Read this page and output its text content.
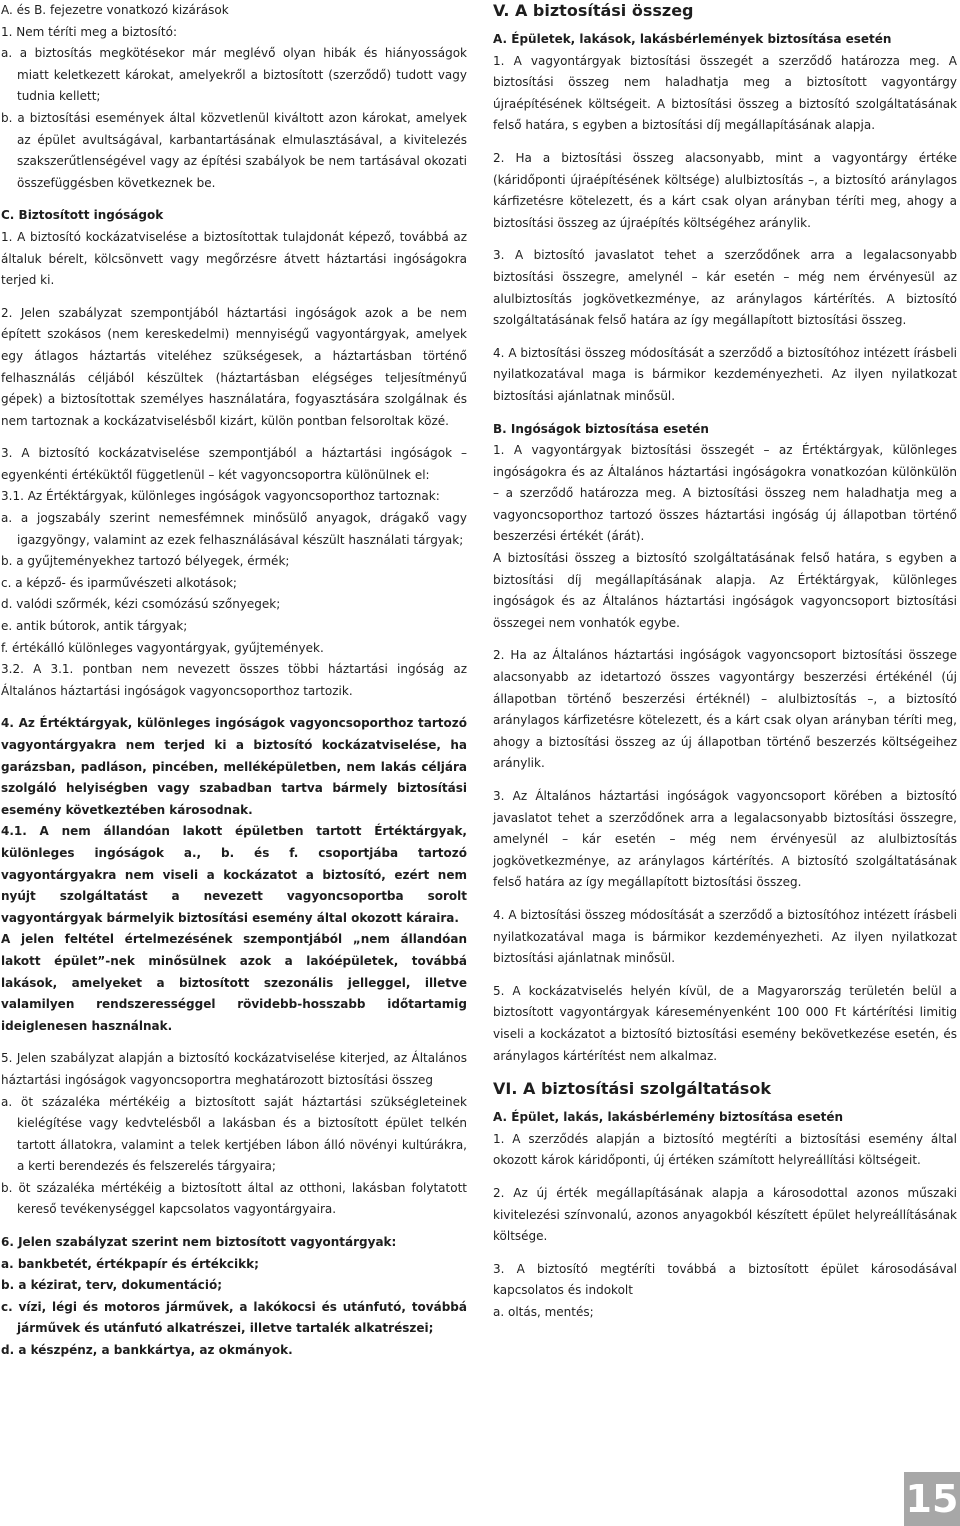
A. és B. fejezetre vonatkozó kizárások

1. Nem téríti meg a biztosító:

a. a biztosítás megkötésekor már meglévő olyan hibák és hiányosságok miatt keletkezett károkat, amelyekről a biztosított (szerződő) tudott vagy tudnia kellett;

b. a biztosítási események által közvetlenül kiváltott azon károkat, amelyek az épület avultságával, karbantartásának elmulasztásával, a kivitelezés szakszerűtlenségével vagy az építési szabályok be nem tartásával okozati összefüggésben következnek be.

C. Biztosított ingóságok

1. A biztosító kockázatviselése a biztosítottak tulajdonát képező, továbbá az általuk bérelt, kölcsönvett vagy megőrzésre átvett háztartási ingóságokra terjed ki.

2. Jelen szabályzat szempontjából háztartási ingóságok azok a be nem épített szokásos (nem kereskedelmi) mennyiségű vagyontárgyak, amelyek egy átlagos háztartás viteléhez szükségesek, a háztartásban történő felhasználás céljából készültek (háztartásban elégséges teljesítményű gépek) a biztosítottak személyes használatára, fogyasztására szolgálnak és nem tartoznak a kockázatviselésből kizárt, külön pontban felsoroltak közé.

3. A biztosító kockázatviselése szempontjából a háztartási ingóságok – egyenkénti értéküktől függetlenül – két vagyoncsoportra különülnek el:

3.1. Az Értéktárgyak, különleges ingóságok vagyoncsoporthoz tartoznak:

a. a jogszabály szerint nemesfémnek minősülő anyagok, drágakő vagy igazgyöngy, valamint az ezek felhasználásával készült használati tárgyak;

b. a gyűjteményekhez tartozó bélyegek, érmék;

c. a képző- és iparművészeti alkotások;

d. valódi szőrmék, kézi csomózású szőnyegek;

e. antik bútorok, antik tárgyak;

f. értékálló különleges vagyontárgyak, gyűjtemények.

3.2. A 3.1. pontban nem nevezett összes többi háztartási ingóság az Általános háztartási ingóságok vagyoncsoporthoz tartozik.

4. Az Értéktárgyak, különleges ingóságok vagyoncsoporthoz tartozó vagyontárgyakra nem terjed ki a biztosító kockázatviselése, ha garázsban, padláson, pincében, melléképületben, nem lakás céljára szolgáló helyiségben vagy szabadban tartva bármely biztosítási esemény következtében károsodnak.

4.1. A nem állandóan lakott épületben tartott Értéktárgyak, különleges ingóságok a., b. és f. csoportjába tartozó vagyontárgyakra nem viseli a kockázatot a biztosító, ezért nem nyújt szolgáltatást a nevezett vagyoncsoportba sorolt vagyontárgyak bármelyik biztosítási esemény által okozott káraira.

A jelen feltétel értelmezésének szempontjából „nem állandóan lakott épület”-nek minősülnek azok a lakóépületek, továbbá lakások, amelyeket a biztosított szezonális jelleggel, illetve valamilyen rendszerességgel rövidebb-hosszabb időtartamig ideiglenesen használnak.

5. Jelen szabályzat alapján a biztosító kockázatviselése kiterjed, az Általános háztartási ingóságok vagyoncsoportra meghatározott biztosítási összeg

a. öt százaléka mértékéig a biztosított saját háztartási szükségleteinek kielégítése vagy kedvtelésből a lakásban és a biztosított épület telkén tartott állatokra, valamint a telek kertjében lábon álló növényi kultúrákra, a kerti berendezés és felszerelés tárgyaira;

b. öt százaléka mértékéig a biztosított által az otthoni, lakásban folytatott kereső tevékenységgel kapcsolatos vagyontárgyaira.

6. Jelen szabályzat szerint nem biztosított vagyontárgyak:

a. bankbetét, értékpapír és értékcikk;

b. a kézirat, terv, dokumentáció;

c. vízi, légi és motoros járművek, a lakókocsi és utánfutó, továbbá járművek és utánfutó alkatrészei, illetve tartalék alkatrészei;

d. a készpénz, a bankkártya, az okmányok.

V. A biztosítási összeg

A. Épületek, lakások, lakásbérlemények biztosítása esetén

1. A vagyontárgyak biztosítási összegét a szerződő határozza meg. A biztosítási összeg nem haladhatja meg a biztosított vagyontárgy újraépítésének költségeit. A biztosítási összeg a biztosító szolgáltatásának felső határa, s egyben a biztosítási díj megállapításának alapja.

2. Ha a biztosítási összeg alacsonyabb, mint a vagyontárgy értéke (káridőponti újraépítésének költsége) alulbiztosítás –, a biztosító aránylagos kárfizetésre kötelezett, és a kárt csak olyan arányban téríti meg, ahogy a biztosítási összeg az újraépítés költségéhez aránylik.

3. A biztosító javaslatot tehet a szerződőnek arra a legalacsonyabb biztosítási összegre, amelynél – kár esetén – még nem érvényesül az alulbiztosítás jogkövetkezménye, az aránylagos kártérítés. A biztosító szolgáltatásának felső határa az így megállapított biztosítási összeg.

4. A biztosítási összeg módosítását a szerződő a biztosítóhoz intézett írásbeli nyilatkozatával maga is bármikor kezdeményezheti. Az ilyen nyilatkozat biztosítási ajánlatnak minősül.

B. Ingóságok biztosítása esetén

1. A vagyontárgyak biztosítási összegét – az Értéktárgyak, különleges ingóságokra és az Általános háztartási ingóságokra vonatkozóan különkülön – a szerződő határozza meg. A biztosítási összeg nem haladhatja meg a vagyoncsoporthoz tartozó összes háztartási ingóság új állapotban történő beszerzési értékét (árát).

A biztosítási összeg a biztosító szolgáltatásának felső határa, s egyben a biztosítási díj megállapításának alapja. Az Értéktárgyak, különleges ingóságok és az Általános háztartási ingóságok vagyoncsoport biztosítási összegei nem vonhatók egybe.

2. Ha az Általános háztartási ingóságok vagyoncsoport biztosítási összege alacsonyabb az idetartozó összes vagyontárgy beszerzési értékénél (új állapotban történő beszerzési értéknél) – alulbiztosítás –, a biztosító aránylagos kárfizetésre kötelezett, és a kárt csak olyan arányban téríti meg, ahogy a biztosítási összeg az új állapotban történő beszerzés költségeihez aránylik.

3. Az Általános háztartási ingóságok vagyoncsoport körében a biztosító javaslatot tehet a szerződőnek arra a legalacsonyabb biztosítási összegre, amelynél – kár esetén – még nem érvényesül az alulbiztosítás jogkövetkezménye, az aránylagos kártérítés. A biztosító szolgáltatásának felső határa az így megállapított biztosítási összeg.

4. A biztosítási összeg módosítását a szerződő a biztosítóhoz intézett írásbeli nyilatkozatával maga is bármikor kezdeményezheti. Az ilyen nyilatkozat biztosítási ajánlatnak minősül.

5. A kockázatviselés helyén kívül, de a Magyarország területén belül a biztosított vagyontárgyak káreseményenként 100 000 Ft kártérítési limitig viseli a kockázatot a biztosító biztosítási esemény bekövetkezése esetén, és aránylagos kártérítést nem alkalmaz.

VI. A biztosítási szolgáltatások

A. Épület, lakás, lakásbérlemény biztosítása esetén

1. A szerződés alapján a biztosító megtéríti a biztosítási esemény által okozott károk káridőponti, új értéken számított helyreállítási költségeit.

2. Az új érték megállapításának alapja a károsodottal azonos műszaki kivitelezési színvonalú, azonos anyagokból készített épület helyreállításának költsége.

3. A biztosító megtéríti továbbá a biztosított épület károsodásával kapcsolatos és indokolt

a. oltás, mentés;

15
